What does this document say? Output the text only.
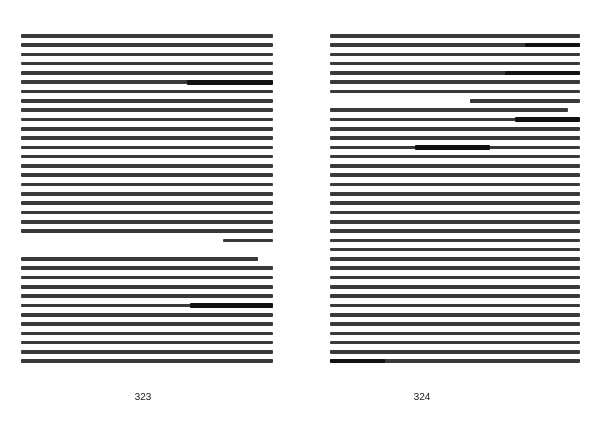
323	324
